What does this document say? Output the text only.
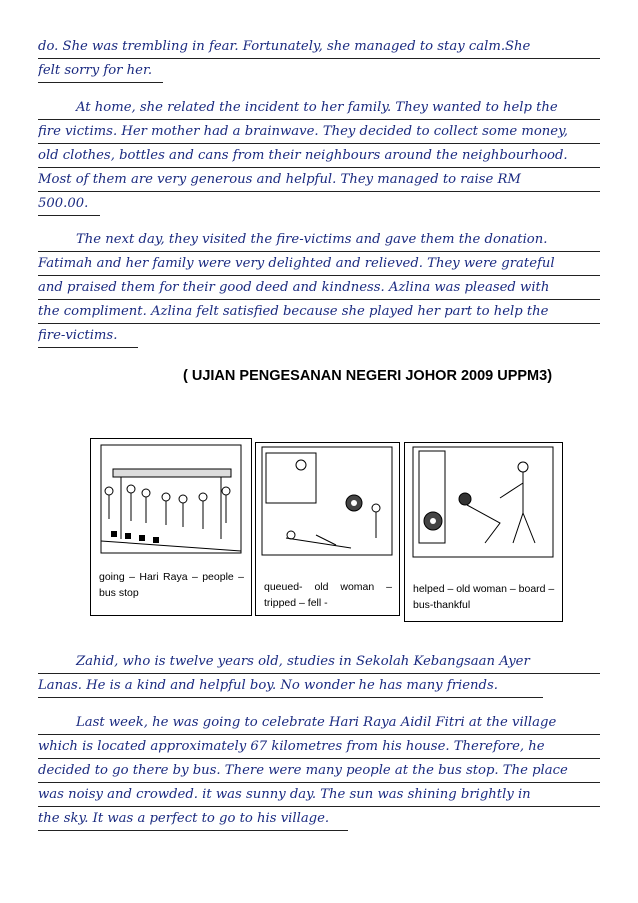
do. She was trembling in fear. Fortunately, she managed to stay calm.She
felt sorry for her.
At home, she related the incident to her family. They wanted to help the
fire victims. Her mother had a brainwave. They decided to collect some money,
old clothes, bottles and cans from their neighbours around the neighbourhood.
Most of them are very generous and helpful. They managed to raise RM
500.00.
The next day, they visited the fire-victims and gave them the donation.
Fatimah and her family were very delighted and relieved. They were grateful
and praised them for their good deed and kindness. Azlina was pleased with
the compliment. Azlina felt satisfied because she played her part to help the
fire-victims.
( UJIAN PENGESANAN NEGERI JOHOR 2009 UPPM3)
going – Hari Raya – people – bus stop	queued- old woman – tripped – fell -
helped – old woman – board –bus-thankful
Zahid, who is twelve years old, studies in Sekolah Kebangsaan Ayer
Lanas. He is a kind and helpful boy. No wonder he has many friends.
Last week, he was going to celebrate Hari Raya Aidil Fitri at the village
which is located approximately 67 kilometres from his house. Therefore, he
decided to go there by bus. There were many people at the bus stop. The place
was noisy and crowded. it was sunny day. The sun was shining brightly in
the sky. It was a perfect to go to his village.
